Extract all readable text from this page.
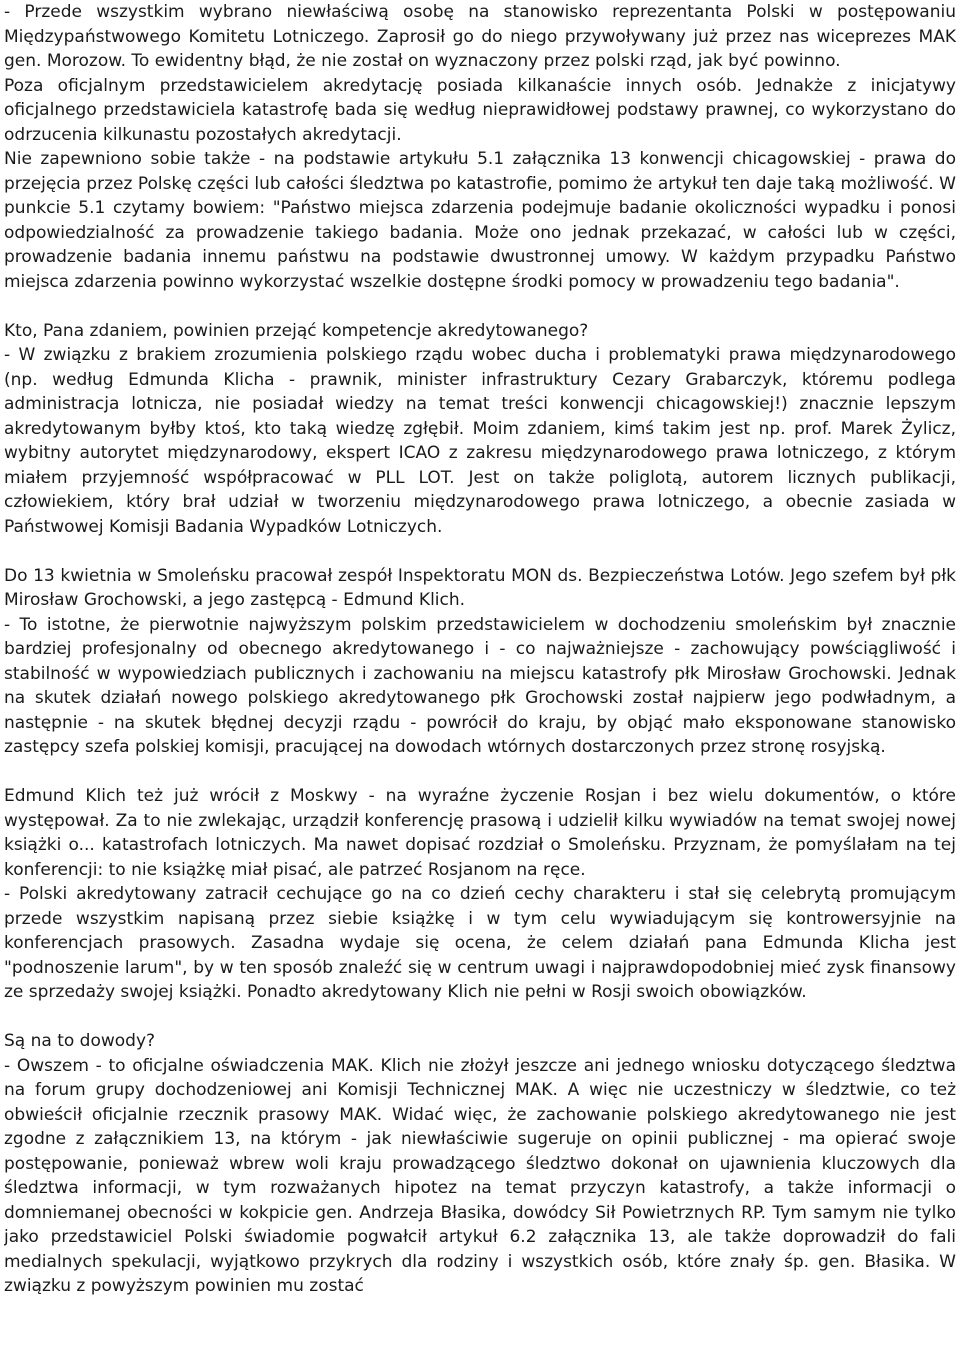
- Przede wszystkim wybrano niewłaściwą osobę na stanowisko reprezentanta Polski w postępowaniu Międzypaństwowego Komitetu Lotniczego. Zaprosił go do niego przywoływany już przez nas wiceprezes MAK gen. Morozow. To ewidentny błąd, że nie został on wyznaczony przez polski rząd, jak być powinno.

Poza oficjalnym przedstawicielem akredytację posiada kilkanaście innych osób. Jednakże z inicjatywy oficjalnego przedstawiciela katastrofę bada się według nieprawidłowej podstawy prawnej, co wykorzystano do odrzucenia kilkunastu pozostałych akredytacji.

Nie zapewniono sobie także - na podstawie artykułu 5.1 załącznika 13 konwencji chicagowskiej - prawa do przejęcia przez Polskę części lub całości śledztwa po katastrofie, pomimo że artykuł ten daje taką możliwość. W punkcie 5.1 czytamy bowiem: "Państwo miejsca zdarzenia podejmuje badanie okoliczności wypadku i ponosi odpowiedzialność za prowadzenie takiego badania. Może ono jednak przekazać, w całości lub w części, prowadzenie badania innemu państwu na podstawie dwustronnej umowy. W każdym przypadku Państwo miejsca zdarzenia powinno wykorzystać wszelkie dostępne środki pomocy w prowadzeniu tego badania".

Kto, Pana zdaniem, powinien przejąć kompetencje akredytowanego?

- W związku z brakiem zrozumienia polskiego rządu wobec ducha i problematyki prawa międzynarodowego (np. według Edmunda Klicha - prawnik, minister infrastruktury Cezary Grabarczyk, któremu podlega administracja lotnicza, nie posiadał wiedzy na temat treści konwencji chicagowskiej!) znacznie lepszym akredytowanym byłby ktoś, kto taką wiedzę zgłębił. Moim zdaniem, kimś takim jest np. prof. Marek Żylicz, wybitny autorytet międzynarodowy, ekspert ICAO z zakresu międzynarodowego prawa lotniczego, z którym miałem przyjemność współpracować w PLL LOT. Jest on także poliglotą, autorem licznych publikacji, człowiekiem, który brał udział w tworzeniu międzynarodowego prawa lotniczego, a obecnie zasiada w Państwowej Komisji Badania Wypadków Lotniczych.

Do 13 kwietnia w Smoleńsku pracował zespół Inspektoratu MON ds. Bezpieczeństwa Lotów. Jego szefem był płk Mirosław Grochowski, a jego zastępcą - Edmund Klich.

- To istotne, że pierwotnie najwyższym polskim przedstawicielem w dochodzeniu smoleńskim był znacznie bardziej profesjonalny od obecnego akredytowanego i - co najważniejsze - zachowujący powściągliwość i stabilność w wypowiedziach publicznych i zachowaniu na miejscu katastrofy płk Mirosław Grochowski. Jednak na skutek działań nowego polskiego akredytowanego płk Grochowski został najpierw jego podwładnym, a następnie - na skutek błędnej decyzji rządu - powrócił do kraju, by objąć mało eksponowane stanowisko zastępcy szefa polskiej komisji, pracującej na dowodach wtórnych dostarczonych przez stronę rosyjską.

Edmund Klich też już wrócił z Moskwy - na wyraźne życzenie Rosjan i bez wielu dokumentów, o które występował. Za to nie zwlekając, urządził konferencję prasową i udzielił kilku wywiadów na temat swojej nowej książki o... katastrofach lotniczych. Ma nawet dopisać rozdział o Smoleńsku. Przyznam, że pomyślałam na tej konferencji: to nie książkę miał pisać, ale patrzeć Rosjanom na ręce.

- Polski akredytowany zatracił cechujące go na co dzień cechy charakteru i stał się celebrytą promującym przede wszystkim napisaną przez siebie książkę i w tym celu wywiadującym się kontrowersyjnie na konferencjach prasowych. Zasadna wydaje się ocena, że celem działań pana Edmunda Klicha jest "podnoszenie larum", by w ten sposób znaleźć się w centrum uwagi i najprawdopodobniej mieć zysk finansowy ze sprzedaży swojej książki. Ponadto akredytowany Klich nie pełni w Rosji swoich obowiązków.

Są na to dowody?

- Owszem - to oficjalne oświadczenia MAK. Klich nie złożył jeszcze ani jednego wniosku dotyczącego śledztwa na forum grupy dochodzeniowej ani Komisji Technicznej MAK. A więc nie uczestniczy w śledztwie, co też obwieścił oficjalnie rzecznik prasowy MAK. Widać więc, że zachowanie polskiego akredytowanego nie jest zgodne z załącznikiem 13, na którym - jak niewłaściwie sugeruje on opinii publicznej - ma opierać swoje postępowanie, ponieważ wbrew woli kraju prowadzącego śledztwo dokonał on ujawnienia kluczowych dla śledztwa informacji, w tym rozważanych hipotez na temat przyczyn katastrofy, a także informacji o domniemanej obecności w kokpicie gen. Andrzeja Błasika, dowódcy Sił Powietrznych RP. Tym samym nie tylko jako przedstawiciel Polski świadomie pogwałcił artykuł 6.2 załącznika 13, ale także doprowadził do fali medialnych spekulacji, wyjątkowo przykrych dla rodziny i wszystkich osób, które znały śp. gen. Błasika. W związku z powyższym powinien mu zostać
